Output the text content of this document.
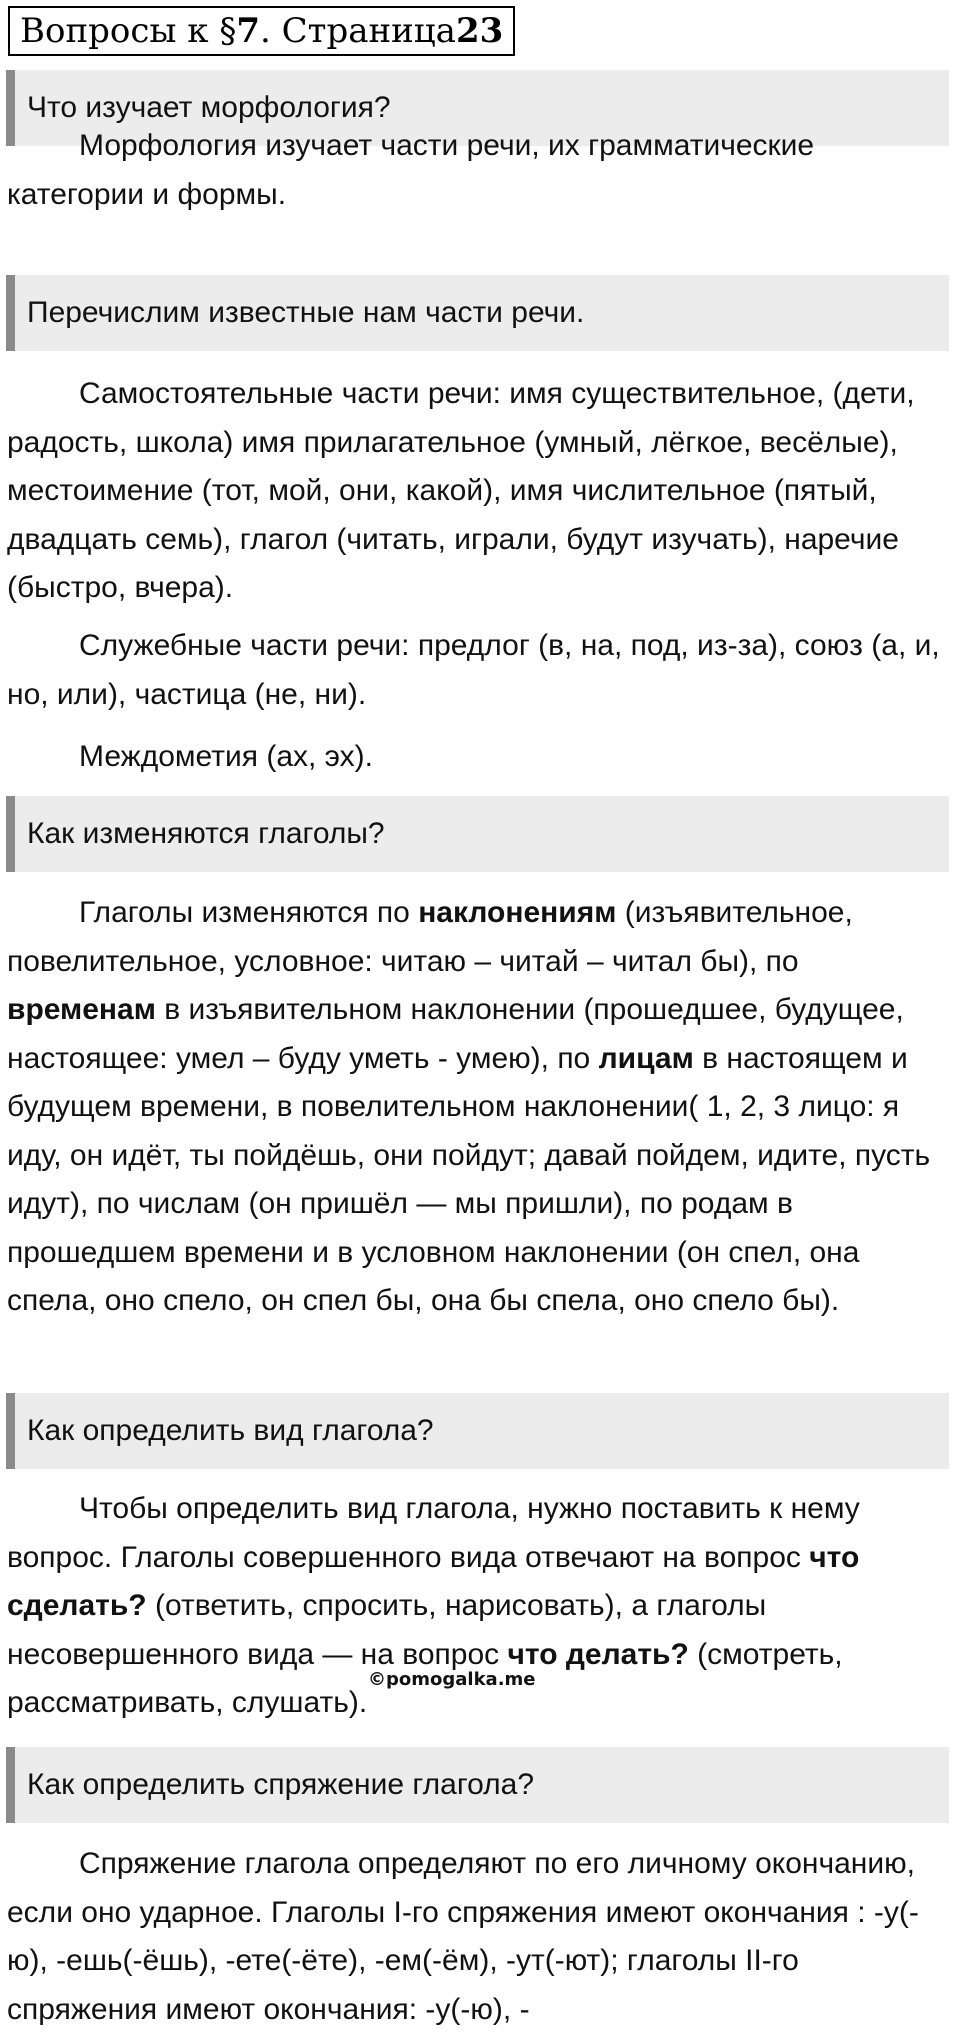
Вопросы к § 7 . Страница 23
Что изучает морфология?

Морфология изучает части речи, их грамматические категории и формы.

Перечислим известные нам части речи.

Самостоятельные части речи: имя существительное, (дети, радость, школа) имя прилагательное (умный, лёгкое, весёлые), местоимение (тот, мой, они, какой), имя числительное (пятый, двадцать семь), глагол (читать, играли, будут изучать), наречие (быстро, вчера).

Служебные части речи: предлог (в, на, под, из-за), союз (а, и, но, или), частица (не, ни).

Междометия (ах, эх).

Как изменяются глаголы?

Глаголы изменяются по наклонениям (изъявительное, повелительное, условное: читаю – читай – читал бы), по временам в изъявительном наклонении (прошедшее, будущее, настоящее: умел – буду уметь - умею), по лицам в настоящем и будущем времени, в повелительном наклонении( 1, 2, 3 лицо: я иду, он идёт, ты пойдёшь, они пойдут; давай пойдем, идите, пусть идут), по числам (он пришёл — мы пришли), по родам в прошедшем времени и в условном наклонении (он спел, она спела, оно спело, он спел бы, она бы спела, оно спело бы).

Как определить вид глагола?

Чтобы определить вид глагола, нужно поставить к нему вопрос. Глаголы совершенного вида отвечают на вопрос что сделать? (ответить, спросить, нарисовать), а глаголы несовершенного вида — на вопрос что делать? (смотреть, рассматривать, слушать).

©pomogalka.me
Как определить спряжение глагола?

Спряжение глагола определяют по его личному окончанию, если оно ударное. Глаголы I-го спряжения имеют окончания : -у(-ю), -ешь(-ёшь), -ете(-ёте), -ем(-ём), -ут(-ют); глаголы II-го спряжения имеют окончания: -у(-ю), -
